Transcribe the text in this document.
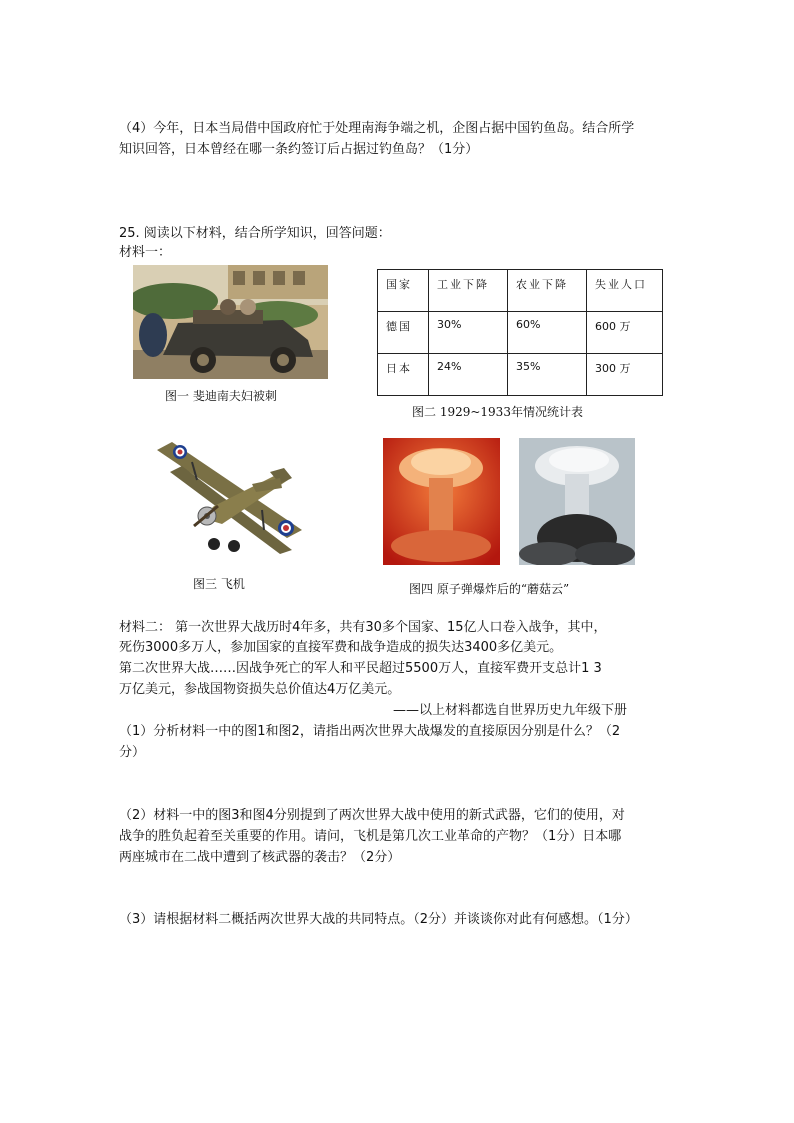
（4）今年，日本当局借中国政府忙于处理南海争端之机，企图占据中国钓鱼岛。结合所学
知识回答，日本曾经在哪一条约签订后占据过钓鱼岛？（1分）
25. 阅读以下材料，结合所学知识，回答问题：
材料一：
图一 斐迪南夫妇被刺
国家	工业下降	农业下降	失业人口
德国	30%	60%	600 万
日本	24%	35%	300 万
图二 1929~1933年情况统计表
图三 飞机	图四 原子弹爆炸后的“蘑菇云”
材料二： 第一次世界大战历时4年多，共有30多个国家、15亿人口卷入战争，其中，
死伤3000多万人，参加国家的直接军费和战争造成的损失达3400多亿美元。
第二次世界大战……因战争死亡的军人和平民超过5500万人，直接军费开支总计1 3
万亿美元，参战国物资损失总价值达4万亿美元。
——以上材料都选自世界历史九年级下册
（1）分析材料一中的图1和图2，请指出两次世界大战爆发的直接原因分别是什么？（2
分）
（2）材料一中的图3和图4分别提到了两次世界大战中使用的新式武器，它们的使用，对
战争的胜负起着至关重要的作用。请问，飞机是第几次工业革命的产物？（1分）日本哪
两座城市在二战中遭到了核武器的袭击？（2分）
（3）请根据材料二概括两次世界大战的共同特点。（2分）并谈谈你对此有何感想。（1分）
